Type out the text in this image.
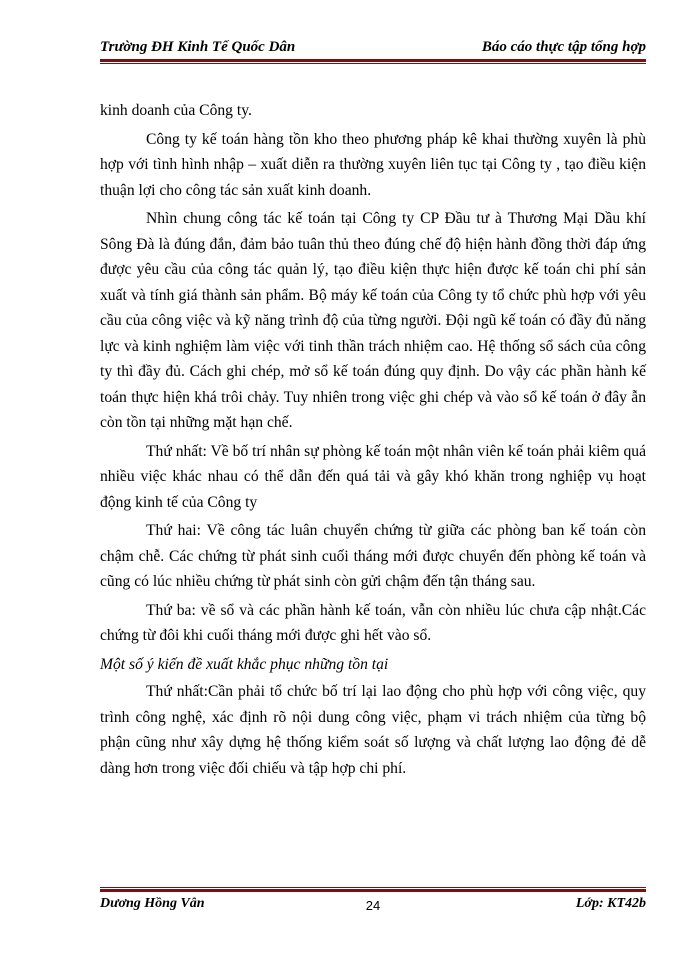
Trường ĐH Kinh Tế Quốc Dân	Báo cáo thực tập tổng hợp

kinh doanh của Công ty.

Công ty kế toán hàng tồn kho theo phương pháp kê khai thường xuyên là phù hợp với tình hình nhập – xuất diễn ra thường xuyên liên tục tại Công ty , tạo điều kiện thuận lợi cho công tác sản xuất kinh doanh.

Nhìn chung công tác kế toán tại Công ty CP Đầu tư à Thương Mại Dầu khí Sông Đà là đúng đắn, đảm bảo tuân thủ theo đúng chế độ hiện hành đồng thời đáp ứng được yêu cầu của công tác quản lý, tạo điều kiện thực hiện được kế toán chi phí sản xuất và tính giá thành sản phẩm. Bộ máy kế toán của Công ty tổ chức phù hợp với yêu cầu của công việc và kỹ năng trình độ của từng người. Đội ngũ kế toán có đầy đủ năng lực và kinh nghiệm làm việc với tinh thần trách nhiệm cao. Hệ thống sổ sách của công ty thì đầy đủ. Cách ghi chép, mở sổ kế toán đúng quy định. Do vậy các phần hành kế toán thực hiện khá trôi chảy. Tuy nhiên trong việc ghi chép và vào sổ kế toán ở đây ẫn còn tồn tại những mặt hạn chế.

Thứ nhất: Về bố trí nhân sự phòng kế toán một nhân viên kế toán phải kiêm quá nhiều việc khác nhau có thể dẫn đến quá tải và gây khó khăn trong nghiệp vụ hoạt động kinh tế của Công ty

Thứ hai: Về công tác luân chuyển chứng từ giữa các phòng ban kế toán còn chậm chễ. Các chứng từ phát sinh cuối tháng mới được chuyển đến phòng kế toán và cũng có lúc nhiều chứng từ phát sinh còn gửi chậm đến tận tháng sau.

Thứ ba: về sổ và các phần hành kế toán, vẫn còn nhiều lúc chưa cập nhật.Các chứng từ đôi khi cuối tháng mới được ghi hết vào sổ.

Một số ý kiến đề xuất khắc phục những tồn tại

Thứ nhất:Cần phải tổ chức bố trí lại lao động cho phù hợp với công việc, quy trình công nghệ, xác định rõ nội dung công việc, phạm vi trách nhiệm của từng bộ phận cũng như xây dựng hệ thống kiểm soát số lượng và chất lượng lao động đẻ dễ dàng hơn trong việc đối chiếu và tập hợp chi phí.

Dương Hồng Vân	24	Lớp: KT42b
